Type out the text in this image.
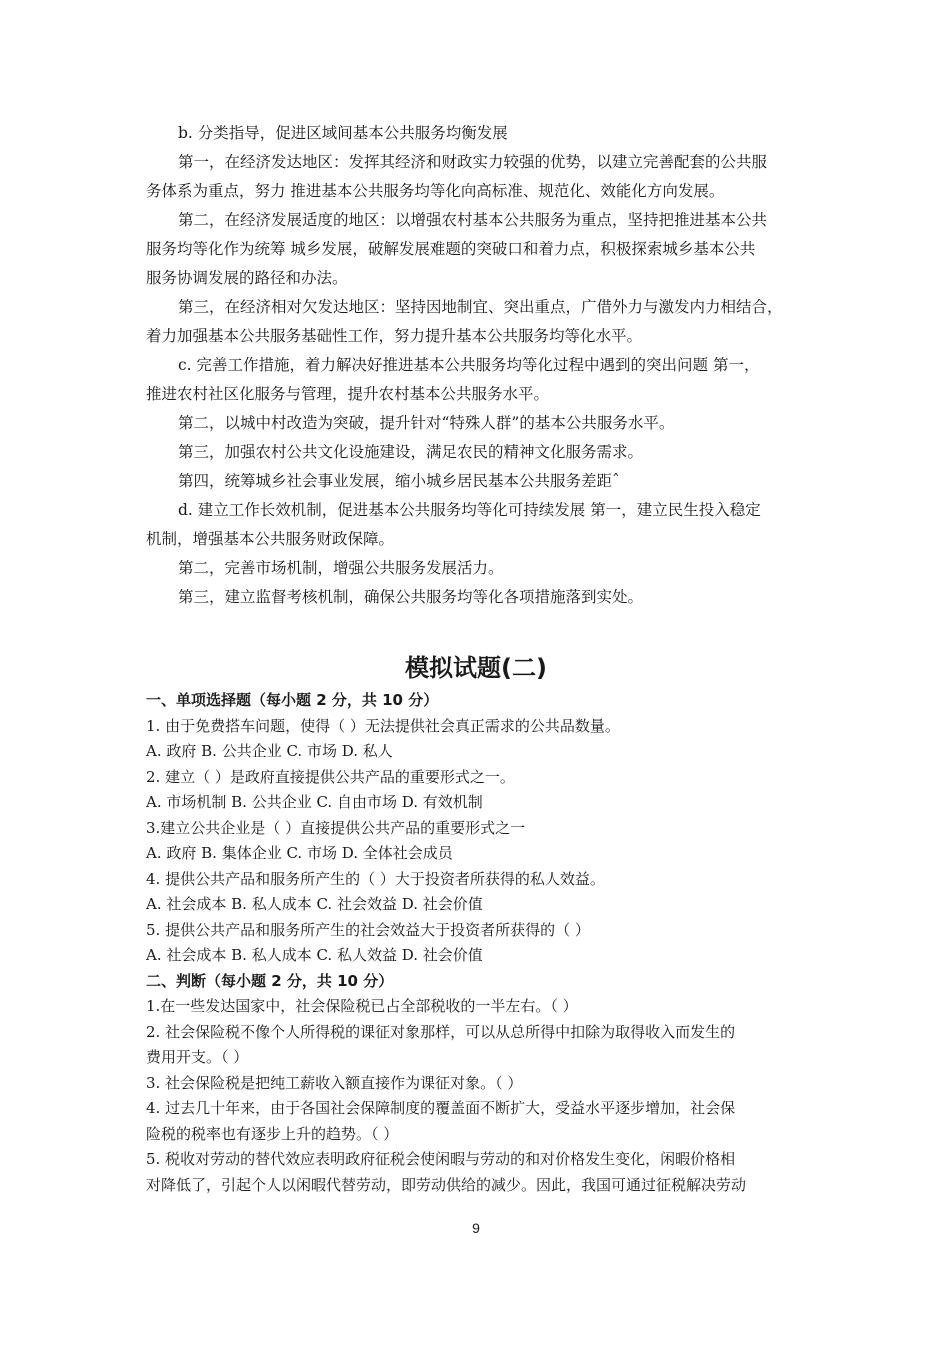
b. 分类指导，促进区域间基本公共服务均衡发展
第一，在经济发达地区：发挥其经济和财政实力较强的优势，以建立完善配套的公共服
务体系为重点，努力 推进基本公共服务均等化向高标准、规范化、效能化方向发展。
第二，在经济发展适度的地区：以增强农村基本公共服务为重点，坚持把推进基本公共
服务均等化作为统筹 城乡发展，破解发展难题的突破口和着力点，积极探索城乡基本公共
服务协调发展的路径和办法。
第三，在经济相对欠发达地区：坚持因地制宜、突出重点，广借外力与激发内力相结合，
着力加强基本公共服务基础性工作，努力提升基本公共服务均等化水平。
c. 完善工作措施，着力解决好推进基本公共服务均等化过程中遇到的突出问题 第一，
推进农村社区化服务与管理，提升农村基本公共服务水平。
第二，以城中村改造为突破，提升针对“特殊人群”的基本公共服务水平。
第三，加强农村公共文化设施建设，满足农民的精神文化服务需求。
第四，统筹城乡社会事业发展，缩小城乡居民基本公共服务差距ˆ
d. 建立工作长效机制，促进基本公共服务均等化可持续发展 第一，建立民生投入稳定
机制，增强基本公共服务财政保障。
第二，完善市场机制，增强公共服务发展活力。
第三，建立监督考核机制，确保公共服务均等化各项措施落到实处。
模拟试题(二)
一、单项选择题（每小题 2 分，共 10 分）
1. 由于免费搭车问题，使得（ ）无法提供社会真正需求的公共品数量。
A. 政府 B. 公共企业 C. 市场 D. 私人
2. 建立（ ）是政府直接提供公共产品的重要形式之一。
A. 市场机制 B. 公共企业 C. 自由市场 D. 有效机制
3.建立公共企业是（ ）直接提供公共产品的重要形式之一
A. 政府 B. 集体企业 C. 市场 D. 全体社会成员
4. 提供公共产品和服务所产生的（ ）大于投资者所获得的私人效益。
A. 社会成本 B. 私人成本 C. 社会效益 D. 社会价值
5. 提供公共产品和服务所产生的社会效益大于投资者所获得的（ ）
A. 社会成本 B. 私人成本 C. 私人效益 D. 社会价值
二、判断（每小题 2 分，共 10 分）
1.在一些发达国家中，社会保险税已占全部税收的一半左右。（ ）
2. 社会保险税不像个人所得税的课征对象那样，可以从总所得中扣除为取得收入而发生的
费用开支。（ ）
3. 社会保险税是把纯工薪收入额直接作为课征对象。（ ）
4. 过去几十年来，由于各国社会保障制度的覆盖面不断扩大，受益水平逐步增加，社会保
险税的税率也有逐步上升的趋势。（ ）
5. 税收对劳动的替代效应表明政府征税会使闲暇与劳动的和对价格发生变化，闲暇价格相
对降低了，引起个人以闲暇代替劳动，即劳动供给的减少。因此，我国可通过征税解决劳动
9
